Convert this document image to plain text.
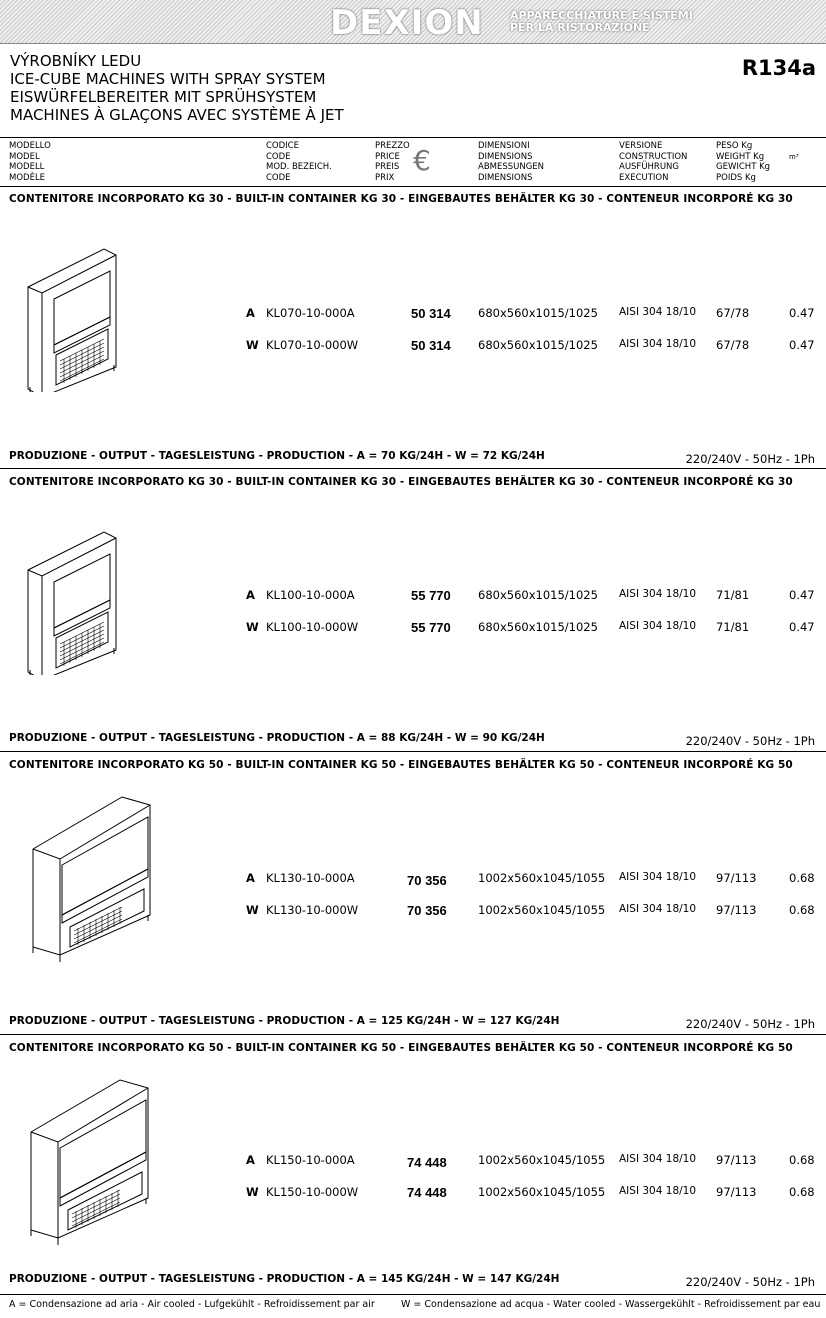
DEXION	APPARECCHIATURE E SISTEMI
PER LA RISTORAZIONE
VÝROBNÍKY LEDU
ICE-CUBE MACHINES WITH SPRAY SYSTEM
EISWÜRFELBEREITER MIT SPRÜHSYSTEM
MACHINES À GLAÇONS AVEC SYSTÈME À JET
R134a
MODELLO
MODEL
MODELL
MODÈLE
CODICE
CODE
MOD. BEZEICH.
CODE
PREZZO
PRICE
PREIS
PRIX
€	DIMENSIONI
DIMENSIONS
ABMESSUNGEN
DIMENSIONS
VERSIONE
CONSTRUCTION
AUSFÜHRUNG
EXECUTION
PESO Kg
WEIGHT Kg
GEWICHT Kg
POIDS Kg
m³
CONTENITORE INCORPORATO KG 30 - BUILT-IN CONTAINER KG 30 - EINGEBAUTES BEHÄLTER KG 30 - CONTENEUR INCORPORÉ KG 30
A KL070-10-000A	50 314 680x560x1015/1025 AISI 304 18/10 67/78	0.47
W KL070-10-000W	50 314 680x560x1015/1025 AISI 304 18/10 67/78	0.47
PRODUZIONE - OUTPUT - TAGESLEISTUNG - PRODUCTION - A = 70 KG/24H - W = 72 KG/24H	220/240V - 50Hz - 1Ph
CONTENITORE INCORPORATO KG 30 - BUILT-IN CONTAINER KG 30 - EINGEBAUTES BEHÄLTER KG 30 - CONTENEUR INCORPORÉ KG 30
A KL100-10-000A	55 770 680x560x1015/1025 AISI 304 18/10 71/81	0.47
W KL100-10-000W	55 770 680x560x1015/1025 AISI 304 18/10 71/81	0.47
PRODUZIONE - OUTPUT - TAGESLEISTUNG - PRODUCTION - A = 88 KG/24H - W = 90 KG/24H	220/240V - 50Hz - 1Ph
CONTENITORE INCORPORATO KG 50 - BUILT-IN CONTAINER KG 50 - EINGEBAUTES BEHÄLTER KG 50 - CONTENEUR INCORPORÉ KG 50
A KL130-10-000A	70 356	1002x560x1045/1055 AISI 304 18/10 97/113	0.68
W KL130-10-000W	70 356	1002x560x1045/1055 AISI 304 18/10 97/113	0.68
PRODUZIONE - OUTPUT - TAGESLEISTUNG - PRODUCTION - A = 125 KG/24H - W = 127 KG/24H	220/240V - 50Hz - 1Ph
CONTENITORE INCORPORATO KG 50 - BUILT-IN CONTAINER KG 50 - EINGEBAUTES BEHÄLTER KG 50 - CONTENEUR INCORPORÉ KG 50
A KL150-10-000A	74 448	1002x560x1045/1055 AISI 304 18/10 97/113	0.68
W KL150-10-000W	74 448	1002x560x1045/1055 AISI 304 18/10 97/113	0.68
PRODUZIONE - OUTPUT - TAGESLEISTUNG - PRODUCTION - A = 145 KG/24H - W = 147 KG/24H	220/240V - 50Hz - 1Ph
A = Condensazione ad aria - Air cooled - Lufgekühlt - Refroidissement par air	W = Condensazione ad acqua - Water cooled - Wassergekühlt - Refroidissement par eau
